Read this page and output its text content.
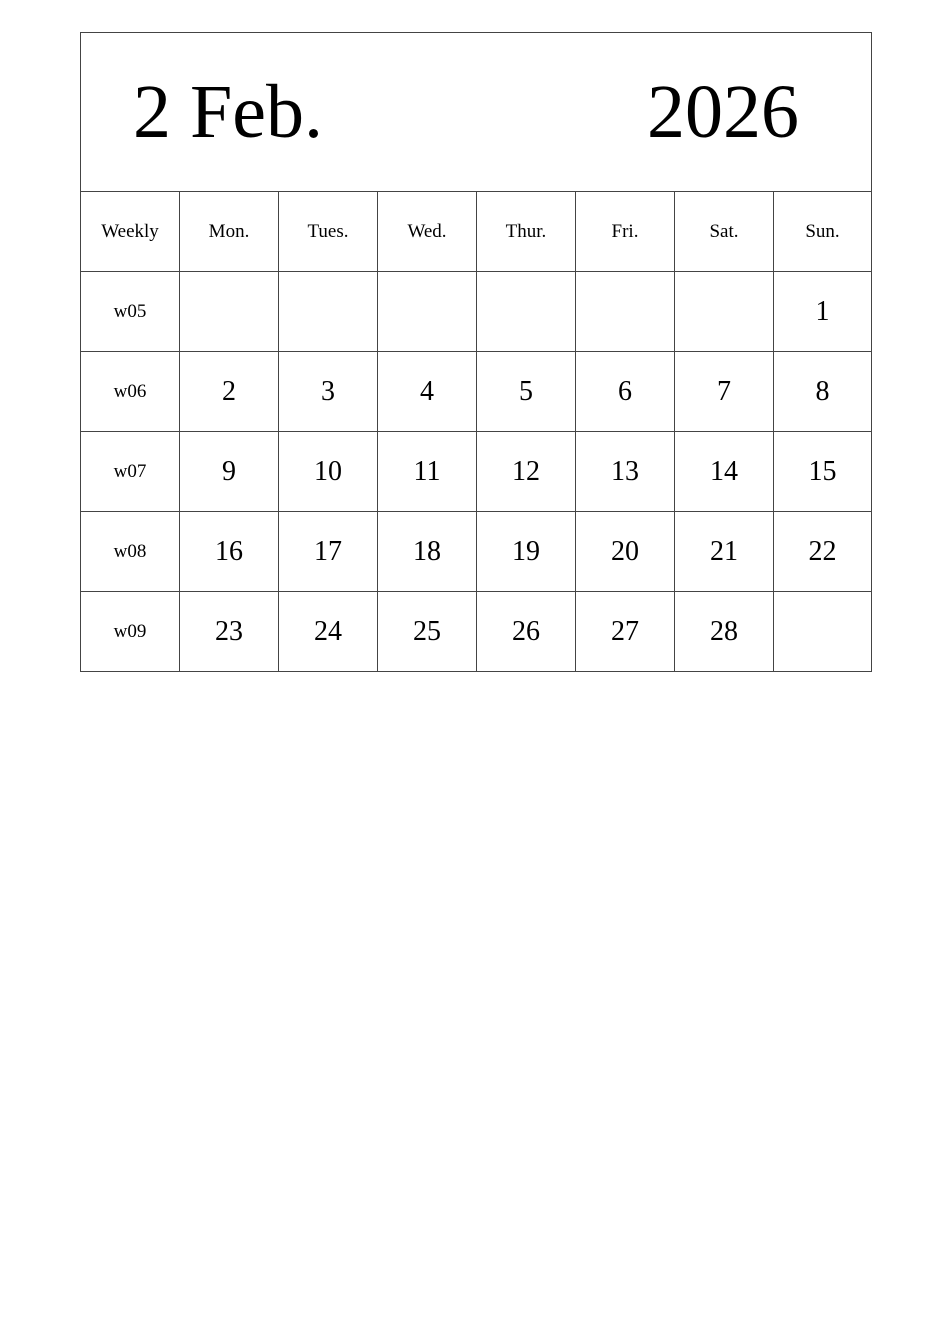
2 Feb. 2026							

Weekly	Mon.	Tues.	Wed.	Thur.	Fri.	Sat.	Sun.
w05							1
w06	2	3	4	5	6	7	8
w07	9	10	11	12	13	14	15
w08	16	17	18	19	20	21	22
w09	23	24	25	26	27	28	
